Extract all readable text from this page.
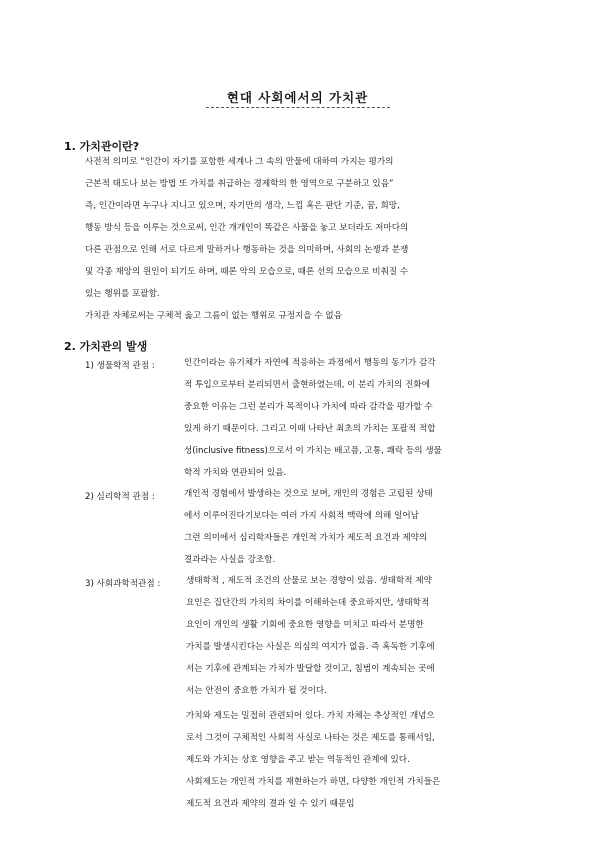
현대 사회에서의 가치관
1. 가치관이란?
사전적 의미로 “인간이 자기를 포함한 세계나 그 속의 만물에 대하여 가지는 평가의
근본적 태도나 보는 방법 또 가치를 취급하는 경제학의 한 영역으로 구분하고 있음”
즉, 인간이라면 누구나 지니고 있으며, 자기만의 생각, 느낌 혹은 판단 기준, 꿈, 희망,
행동 방식 등을 이루는 것으로써, 인간 개개인이 똑같은 사물을 놓고 보더라도 저마다의
다른 관점으로 인해 서로 다르게 말하거나 행동하는 것을 의미하며, 사회의 논쟁과 분쟁
및 각종 재앙의 원인이 되기도 하며, 때론 악의 모습으로, 때론 선의 모습으로 비춰질 수
있는 행위를 포괄함.
가치관 자체로써는 구체적 옳고 그름이 없는 행위로 규정지을 수 없음
2. 가치관의 발생
1) 생물학적 관점 :	인간이라는 유기체가 자연에 적응하는 과정에서 행동의 동기가 감각
적 투입으로부터 분리되면서 출현하였는데, 이 분리 가치의 진화에
중요한 이유는 그런 분리가 목적이나 가치에 따라 감각을 평가할 수
있게 하기 때문이다. 그리고 이때 나타난 최초의 가치는 포괄적 적합
성(inclusive fitness)으로서 이 가치는 배고픔, 고통, 쾌락 등의 생물
학적 가치와 연관되어 있음.
2) 심리학적 관점 :	개인적 경험에서 발생하는 것으로 보며, 개인의 경험은 고립된 상태
에서 이루어진다기보다는 여러 가지 사회적 맥락에 의해 일어남
그런 의미에서 심리학자들은 개인적 가치가 제도적 요건과 제약의
결과라는 사실을 강조함.
3) 사회과학적관점 :	생태학적 , 제도적 조건의 산물로 보는 경향이 있음. 생태학적 제약
요인은 집단간의 가치의 차이를 이해하는데 중요하지만, 생태학적
요인이 개인의 생활 기회에 중요한 영향을 미치고 따라서 분명한
가치를 발생시킨다는 사실은 의심의 여지가 없음. 즉 혹독한 기후에
서는 기후에 관계되는 가치가 발달할 것이고, 침범이 계속되는 곳에
서는 안전이 중요한 가치가 될 것이다.
가치와 제도는 밀접히 관련되어 있다. 가치 자체는 추상적인 개념으
로서 그것이 구체적인 사회적 사실로 나타는 것은 제도를 통해서임,
제도와 가치는 상호 영향을 주고 받는 역동적인 관계에 있다.
사회제도는 개인적 가치를 재현하는가 하면, 다양한 개인적 가치들은
제도적 요건과 제약의 결과 일 수 있기 때문임
